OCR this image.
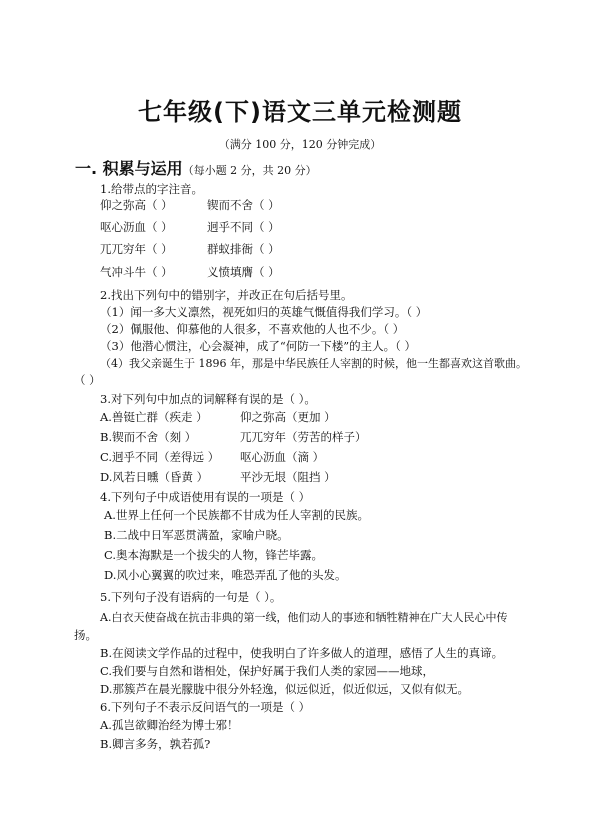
七年级(下)语文三单元检测题
（满分 100 分，120 分钟完成）
一. 积累与运用（每小题 2 分，共 20 分）
1.给带点的字注音。
仰之弥高（ ）	锲而不舍（ ）
呕心沥血（ ）	迥乎不同（ ）
兀兀穷年（ ）	群蚁排衙（ ）
气冲斗牛（ ）	义愤填膺（ ）
2.找出下列句中的错别字，并改正在句后括号里。
（1）闻一多大义凛然，视死如归的英雄气慨值得我们学习。（ ）
（2）佩服他、仰慕他的人很多，不喜欢他的人也不少。（ ）
（3）他潜心惯注，心会凝神，成了“何防一下楼”的主人。（ ）
（4）我父亲诞生于 1896 年，那是中华民族任人宰割的时候，他一生都喜欢这首歌曲。
（ ）
3.对下列句中加点的词解释有误的是（ ）。
A.兽铤亡群（疾走 ）	仰之弥高（更加 ）
B.锲而不舍（刻 ）	兀兀穷年（劳苦的样子）
C.迥乎不同（差得远 ） 呕心沥血（滴 ）
D.风若日曛（昏黄 ）	平沙无垠（阻挡 ）
4.下列句子中成语使用有误的一项是（ ）
A.世界上任何一个民族都不甘成为任人宰割的民族。
B.二战中日军恶贯满盈，家喻户晓。
C.奥本海默是一个拔尖的人物，锋芒毕露。
D.风小心翼翼的吹过来，唯恐弄乱了他的头发。
5.下列句子没有语病的一句是（ ）。
A.白衣天使奋战在抗击非典的第一线，他们动人的事迹和牺牲精神在广大人民心中传
扬。
B.在阅读文学作品的过程中，使我明白了许多做人的道理，感悟了人生的真谛。
C.我们要与自然和谐相处，保护好属于我们人类的家园——地球，
D.那簇芦在晨光朦胧中很分外轻逸，似远似近，似近似远，又似有似无。
6.下列句子不表示反问语气的一项是（ ）
A.孤岂欲卿治经为博士邪！
B.卿言多务，孰若孤?
